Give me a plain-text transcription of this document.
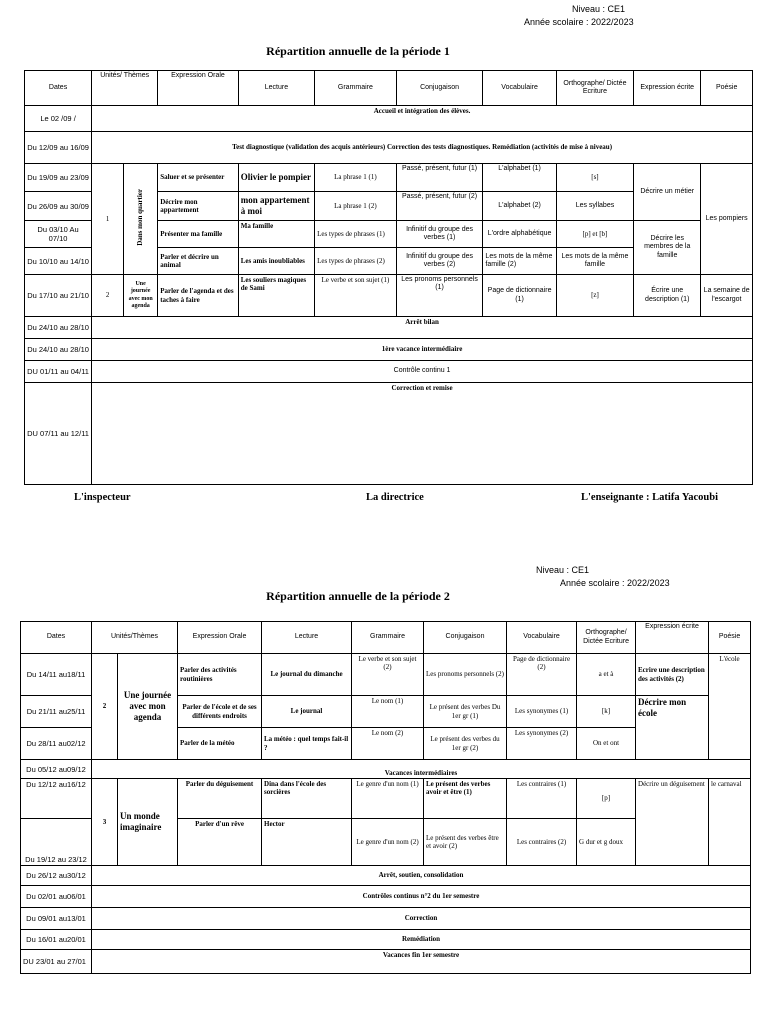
Niveau : CE1
Année scolaire : 2022/2023
Répartition annuelle de la période 1
Dates	Unités/ Thèmes		Expression Orale	Lecture	Grammaire	Conjugaison	Vocabulaire	Orthographe/ Dictée Ecriture	Expression écrite	Poésie
Le 02 /09 /	Accueil et intégration des élèves.									
Du 12/09 au 16/09	Test diagnostique (validation des acquis antérieurs) Correction des tests diagnostiques. Remédiation (activités de mise à niveau)									
Du 19/09 au 23/09	1	Dans mon quartier	Saluer et se présenter	Olivier le pompier	La phrase 1 (1)	Passé, présent, futur (1)	L'alphabet (1)	[s]	Décrire un métier	Les pompiers
Du 26/09 au 30/09			Décrire mon appartement	mon appartement à moi	La phrase 1 (2)	Passé, présent, futur (2)	L'alphabet (2)	Les syllabes		
Du 03/10 Au 07/10			Présenter ma famille	Ma famille	Les types de phrases (1)	Infinitif du groupe des verbes (1)	L'ordre alphabétique	[p] et [b]	Décrire les membres de la famille	
Du 10/10 au 14/10			Parler et décrire un animal	Les amis inoubliables	Les types de phrases (2)	Infinitif du groupe des verbes (2)	Les mots de la même famille (2)	Les mots de la même famille		
Du 17/10 au 21/10	2	Une journée avec mon agenda	Parler de l'agenda et des taches à faire	Les souliers magiques de Sami	Le verbe et son sujet (1)	Les pronoms personnels (1)	Page de dictionnaire (1)	[z]	Écrire une description (1)	La semaine de l'escargot
Du 24/10 au 28/10	Arrêt bilan									
Du 24/10 au 28/10	1ère vacance intermédiaire									
DU 01/11 au 04/11	Contrôle continu 1									
DU 07/11 au 12/11	Correction et remise									
L'inspecteur	La directrice	L'enseignante : Latifa Yacoubi
Niveau : CE1
Année scolaire : 2022/2023
Répartition annuelle de la période 2
Dates	Unités/Thèmes		Expression Orale	Lecture	Grammaire	Conjugaison	Vocabulaire	Orthographe/ Dictée Ecriture	Expression écrite	Poésie
Du 14/11 au18/11	2	Une journée avec mon agenda	Parler des activités routinières	Le journal du dimanche	Le verbe et son sujet (2)	Les pronoms personnels (2)	Page de dictionnaire (2)	a et à	Ecrire une description des activités (2)	L'école
Du 21/11 au25/11			Parler de l'école et de ses différents endroits	Le journal	Le nom (1)	Le présent des verbes Du 1er gr (1)	Les synonymes (1)	[k]	Décrire mon école	
Du 28/11 au02/12			Parler de la météo	La météo : quel temps fait-il ?	Le nom (2)	Le présent des verbes du 1er gr (2)	Les synonymes (2)	On et ont		
Du 05/12 au09/12	Vacances intermédiaires									
Du 12/12 au16/12	3	Un monde imaginaire	Parler du déguisement	Dina dans l'école des sorcières	Le genre d'un nom (1)	Le présent des verbes avoir et être (1)	Les contraires (1)	[p]	Décrire un déguisement	le carnaval
Du 19/12 au 23/12			Parler d'un rêve	Hector	Le genre d'un nom (2)	Le présent des verbes être et avoir (2)	Les contraires (2)	G dur et g doux		
Du 26/12 au30/12	Arrêt, soutien, consolidation									
Du 02/01 au06/01	Contrôles continus n°2 du 1er semestre									
Du 09/01 au13/01	Correction									
Du 16/01 au20/01	Remédiation									
DU 23/01 au 27/01	Vacances fin 1er semestre									
